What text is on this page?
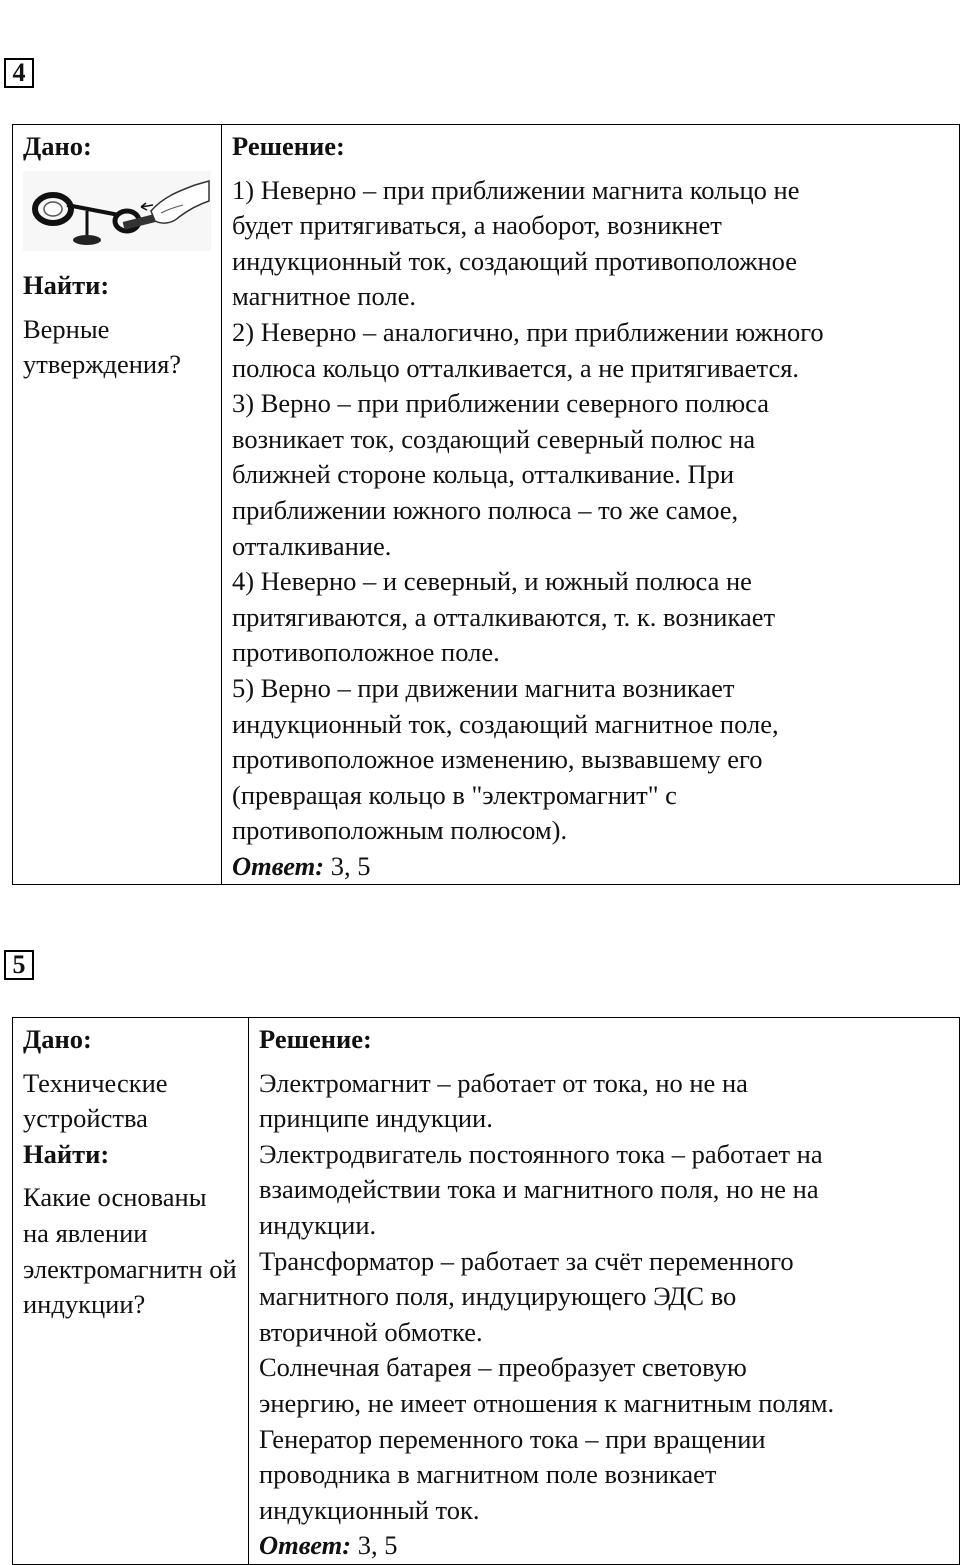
4
Дано:
Найти:
Верные утверждения?

Решение:
1) Неверно – при приближении магнита кольцо не
будет притягиваться, а наоборот, возникнет
индукционный ток, создающий противоположное
магнитное поле.
2) Неверно – аналогично, при приближении южного
полюса кольцо отталкивается, а не притягивается.
3) Верно – при приближении северного полюса
возникает ток, создающий северный полюс на
ближней стороне кольца, отталкивание. При
приближении южного полюса – то же самое,
отталкивание.
4) Неверно – и северный, и южный полюса не
притягиваются, а отталкиваются, т. к. возникает
противоположное поле.
5) Верно – при движении магнита возникает
индукционный ток, создающий магнитное поле,
противоположное изменению, вызвавшему его
(превращая кольцо в "электромагнит" с
противоположным полюсом).
Ответ: 3, 5
5
Дано:
Технические устройства
Найти:
Какие основаны на явлении электромагнитн ой индукции?

Решение:
Электромагнит – работает от тока, но не на
принципе индукции.
Электродвигатель постоянного тока – работает на
взаимодействии тока и магнитного поля, но не на
индукции.
Трансформатор – работает за счёт переменного
магнитного поля, индуцирующего ЭДС во
вторичной обмотке.
Солнечная батарея – преобразует световую
энергию, не имеет отношения к магнитным полям.
Генератор переменного тока – при вращении
проводника в магнитном поле возникает
индукционный ток.
Ответ: 3, 5
